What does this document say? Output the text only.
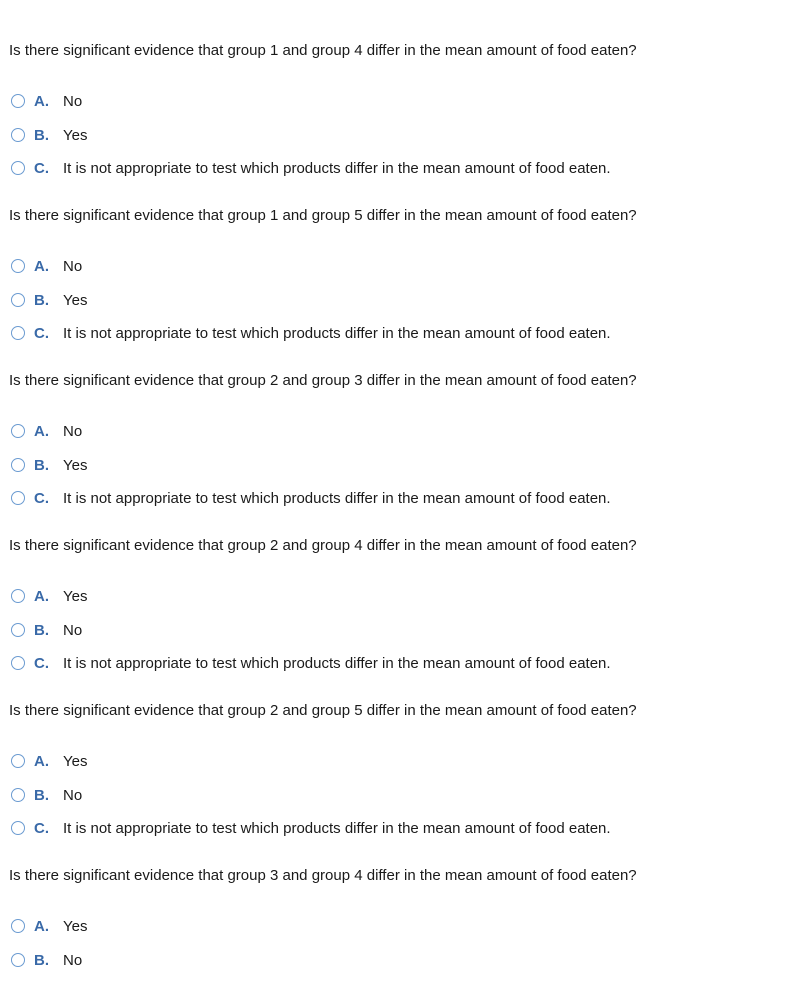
Is there significant evidence that group 1 and group 4 differ in the mean amount of food eaten?

A. No
B. Yes
C. It is not appropriate to test which products differ in the mean amount of food eaten.

Is there significant evidence that group 1 and group 5 differ in the mean amount of food eaten?

A. No
B. Yes
C. It is not appropriate to test which products differ in the mean amount of food eaten.

Is there significant evidence that group 2 and group 3 differ in the mean amount of food eaten?

A. No
B. Yes
C. It is not appropriate to test which products differ in the mean amount of food eaten.

Is there significant evidence that group 2 and group 4 differ in the mean amount of food eaten?

A. Yes
B. No
C. It is not appropriate to test which products differ in the mean amount of food eaten.

Is there significant evidence that group 2 and group 5 differ in the mean amount of food eaten?

A. Yes
B. No
C. It is not appropriate to test which products differ in the mean amount of food eaten.

Is there significant evidence that group 3 and group 4 differ in the mean amount of food eaten?

A. Yes
B. No
